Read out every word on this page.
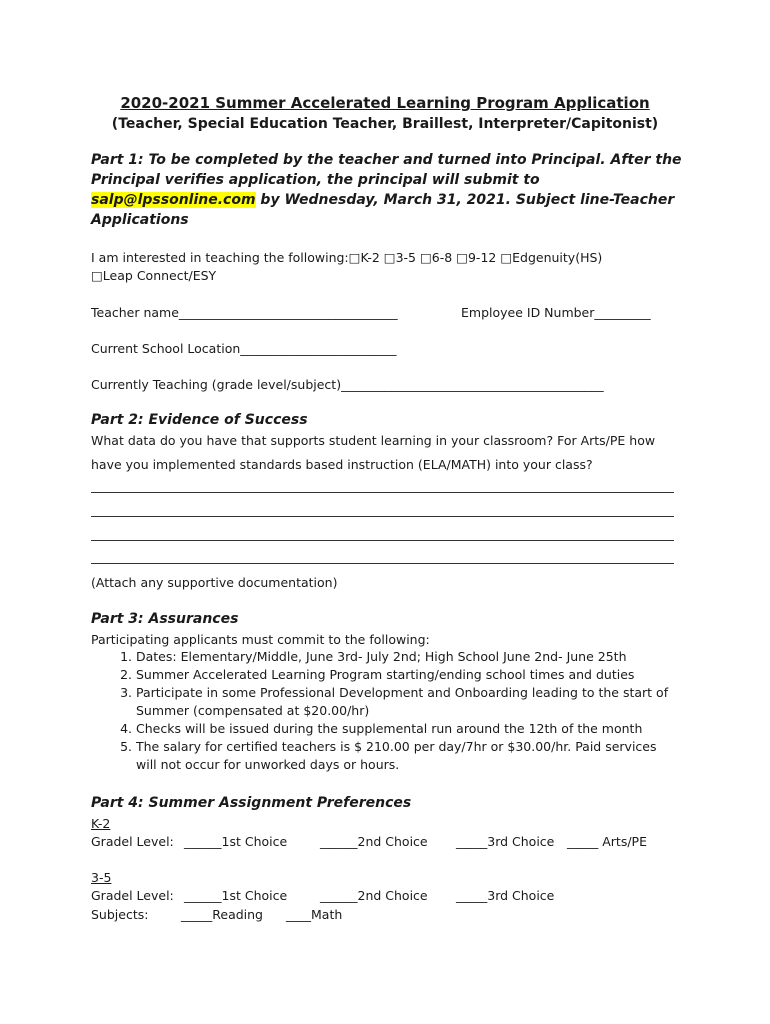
2020-2021 Summer Accelerated Learning Program Application
(Teacher, Special Education Teacher, Braillest, Interpreter/Capitonist)
Part 1: To be completed by the teacher and turned into Principal. After the Principal verifies application, the principal will submit to salp@lpssonline.com by Wednesday, March 31, 2021. Subject line-Teacher Applications
I am interested in teaching the following:□K-2 □3-5 □6-8 □9-12 □Edgenuity(HS)
□Leap Connect/ESY
Teacher name___________________________________	Employee ID Number_________
Current School Location_________________________
Currently Teaching (grade level/subject)__________________________________________
Part 2: Evidence of Success
What data do you have that supports student learning in your classroom? For Arts/PE how
have you implemented standards based instruction (ELA/MATH) into your class?
(Attach any supportive documentation)
Part 3: Assurances
Participating applicants must commit to the following:
1. Dates: Elementary/Middle, June 3rd- July 2nd; High School June 2nd- June 25th
2. Summer Accelerated Learning Program starting/ending school times and duties
3. Participate in some Professional Development and Onboarding leading to the start of Summer (compensated at $20.00/hr)
4. Checks will be issued during the supplemental run around the 12th of the month
5. The salary for certified teachers is $ 210.00 per day/7hr or $30.00/hr. Paid services will not occur for unworked days or hours.
Part 4: Summer Assignment Preferences
K-2
Gradel Level: ______1st Choice	______2nd Choice _____3rd Choice _____ Arts/PE
3-5
Gradel Level: ______1st Choice	______2nd Choice _____3rd Choice
Subjects:	_____Reading ____Math
